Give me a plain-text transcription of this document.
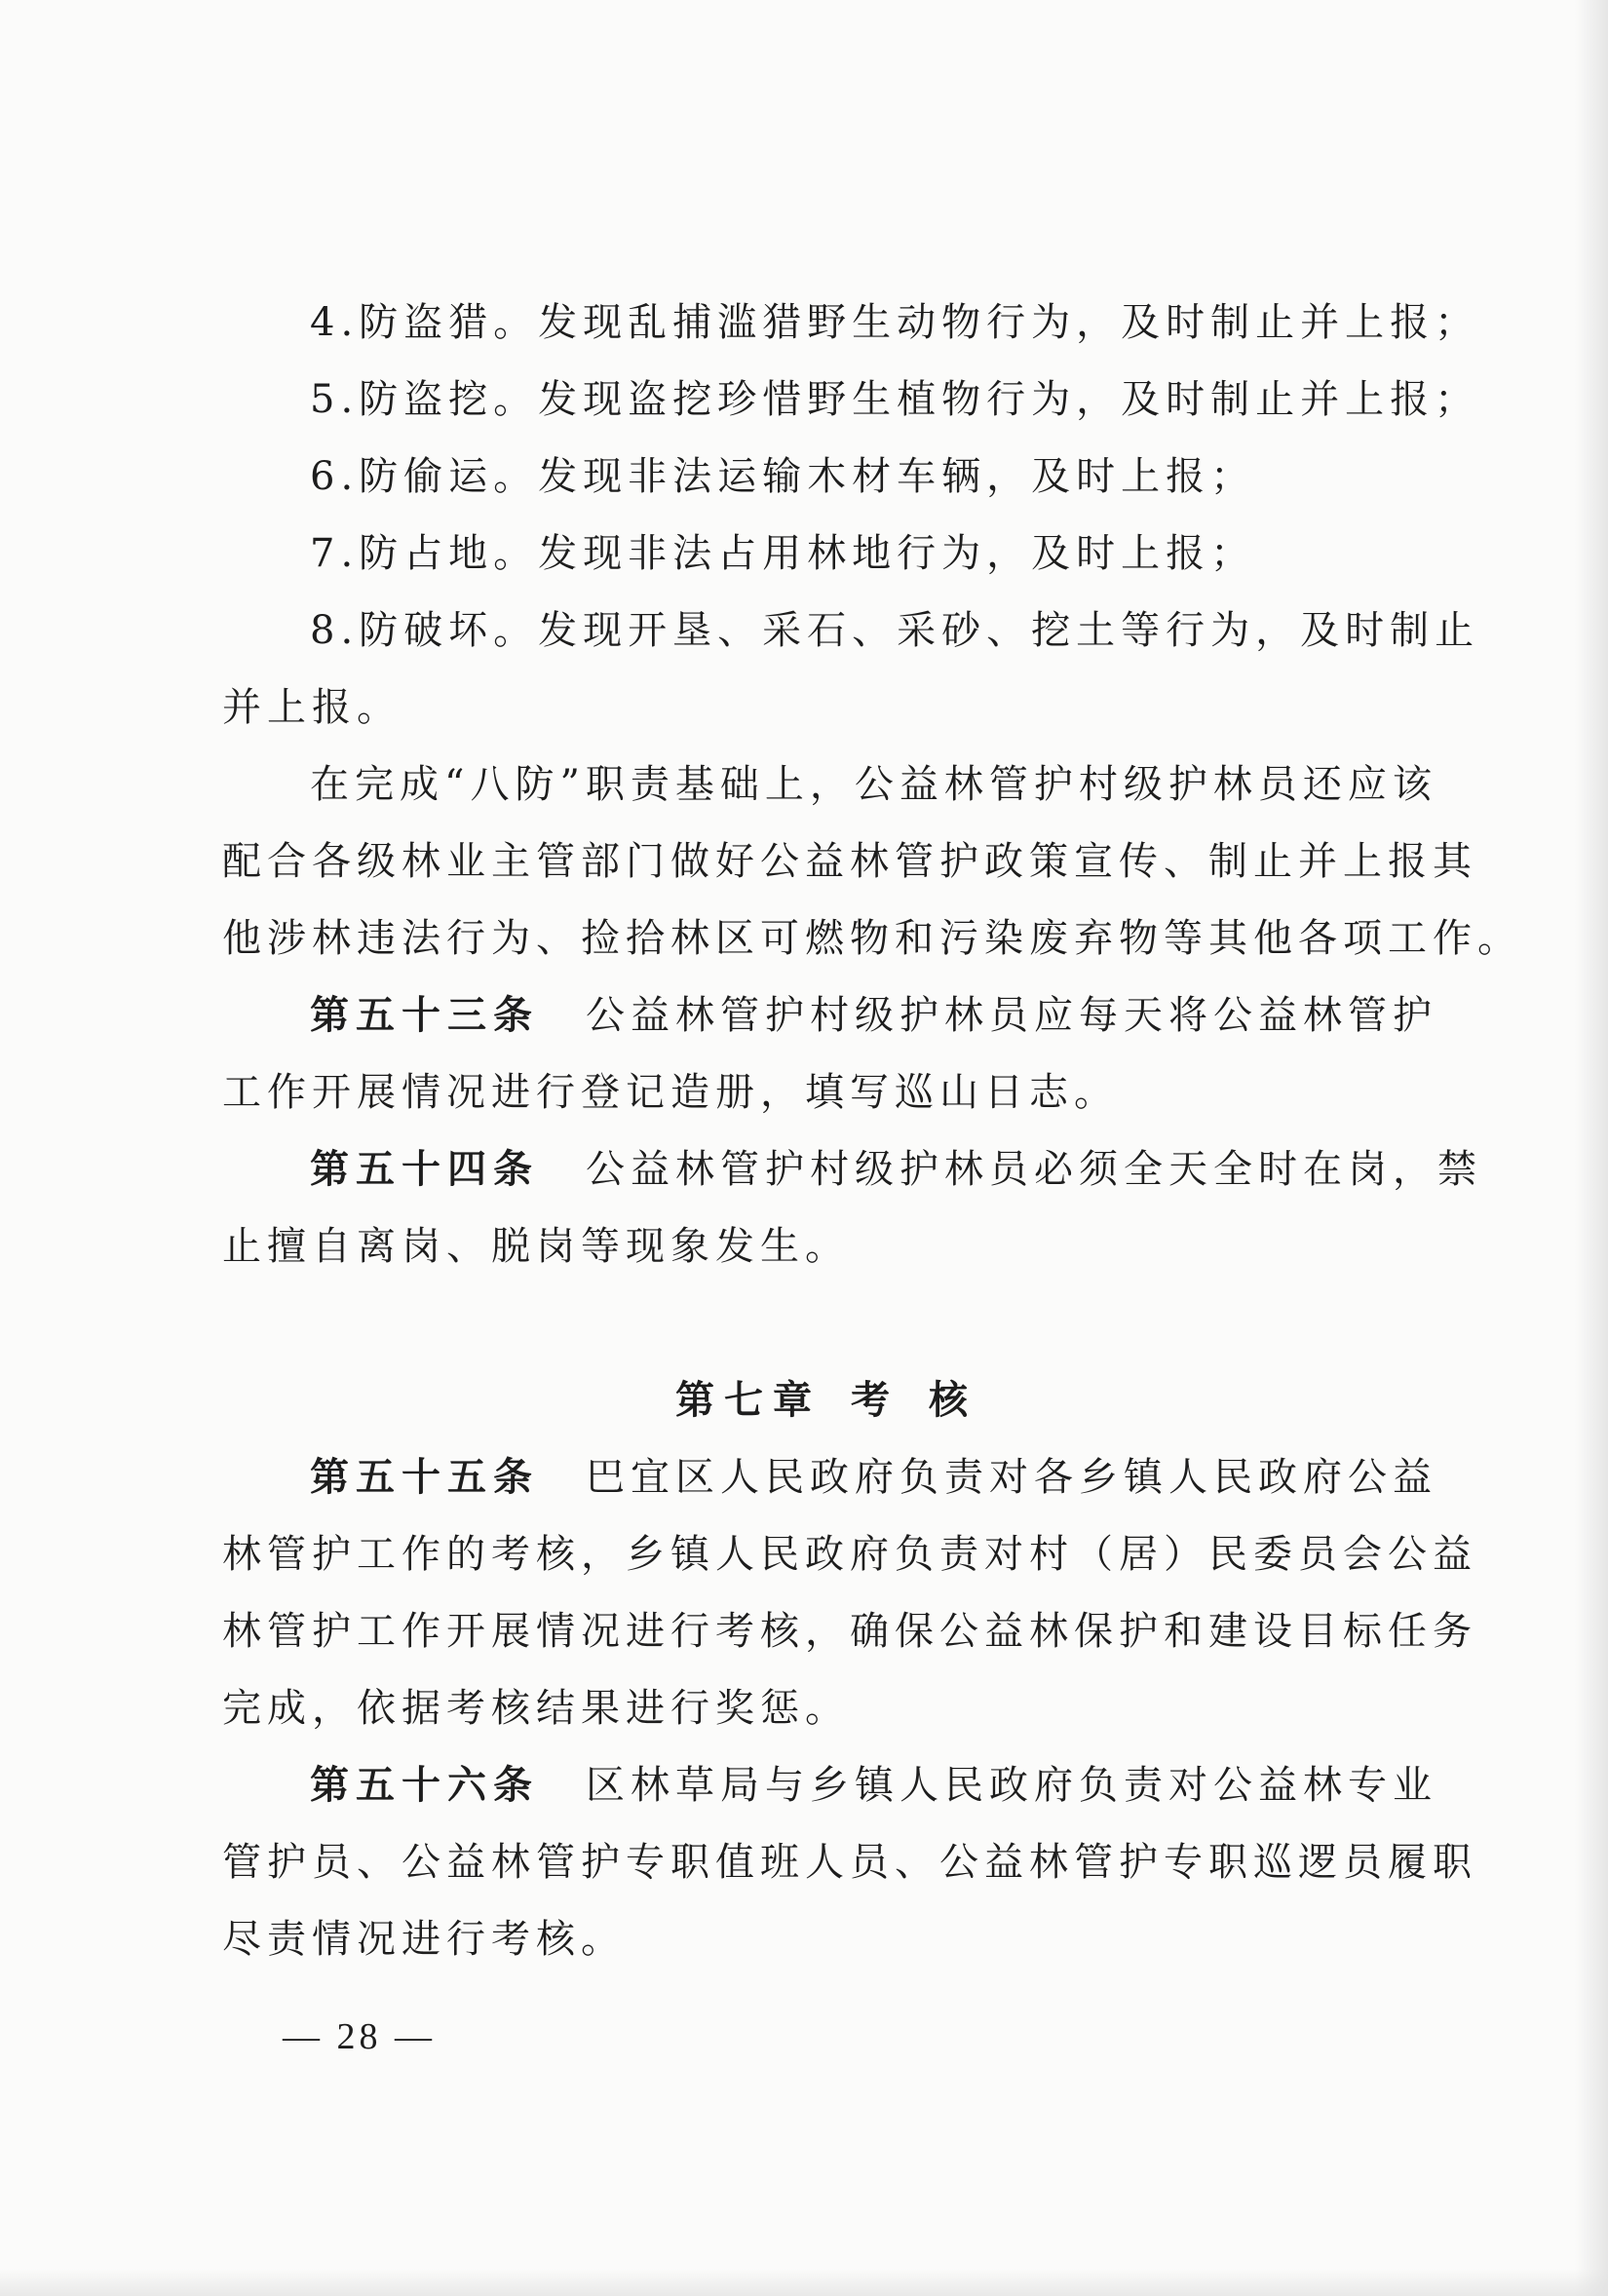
4.防盗猎。发现乱捕滥猎野生动物行为，及时制止并上报；
5.防盗挖。发现盗挖珍惜野生植物行为，及时制止并上报；
6.防偷运。发现非法运输木材车辆，及时上报；
7.防占地。发现非法占用林地行为，及时上报；
8.防破坏。发现开垦、采石、采砂、挖土等行为，及时制止
并上报。
在完成“八防”职责基础上，公益林管护村级护林员还应该
配合各级林业主管部门做好公益林管护政策宣传、制止并上报其
他涉林违法行为、捡拾林区可燃物和污染废弃物等其他各项工作。
第五十三条 公益林管护村级护林员应每天将公益林管护
工作开展情况进行登记造册，填写巡山日志。
第五十四条 公益林管护村级护林员必须全天全时在岗，禁
止擅自离岗、脱岗等现象发生。
第七章 考 核
第五十五条 巴宜区人民政府负责对各乡镇人民政府公益
林管护工作的考核，乡镇人民政府负责对村（居）民委员会公益
林管护工作开展情况进行考核，确保公益林保护和建设目标任务
完成，依据考核结果进行奖惩。
第五十六条 区林草局与乡镇人民政府负责对公益林专业
管护员、公益林管护专职值班人员、公益林管护专职巡逻员履职
尽责情况进行考核。
— 28 —
